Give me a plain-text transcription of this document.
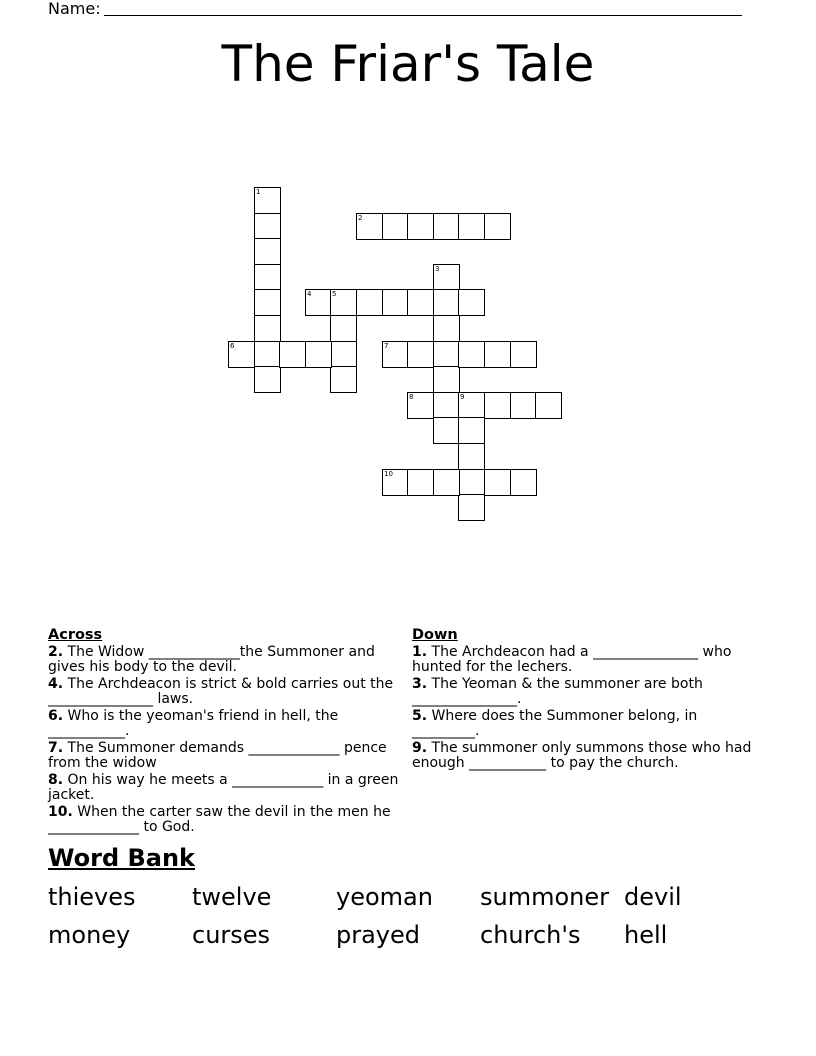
Name:
The Friar's Tale
1
2
3
4	5
6	7
8	9
10
Across
2. The Widow _____________the Summoner and gives his body to the devil.
4. The Archdeacon is strict & bold carries out the _______________ laws.
6. Who is the yeoman's friend in hell, the ___________.
7. The Summoner demands _____________ pence from the widow
8. On his way he meets a _____________ in a green jacket.
10. When the carter saw the devil in the men he _____________ to God.
Down
1. The Archdeacon had a _______________ who hunted for the lechers.
3. The Yeoman & the summoner are both _______________.
5. Where does the Summoner belong, in _________.
9. The summoner only summons those who had enough ___________ to pay the church.
Word Bank
thieves twelve	yeoman summoner devil
money	curses	prayed church's hell
